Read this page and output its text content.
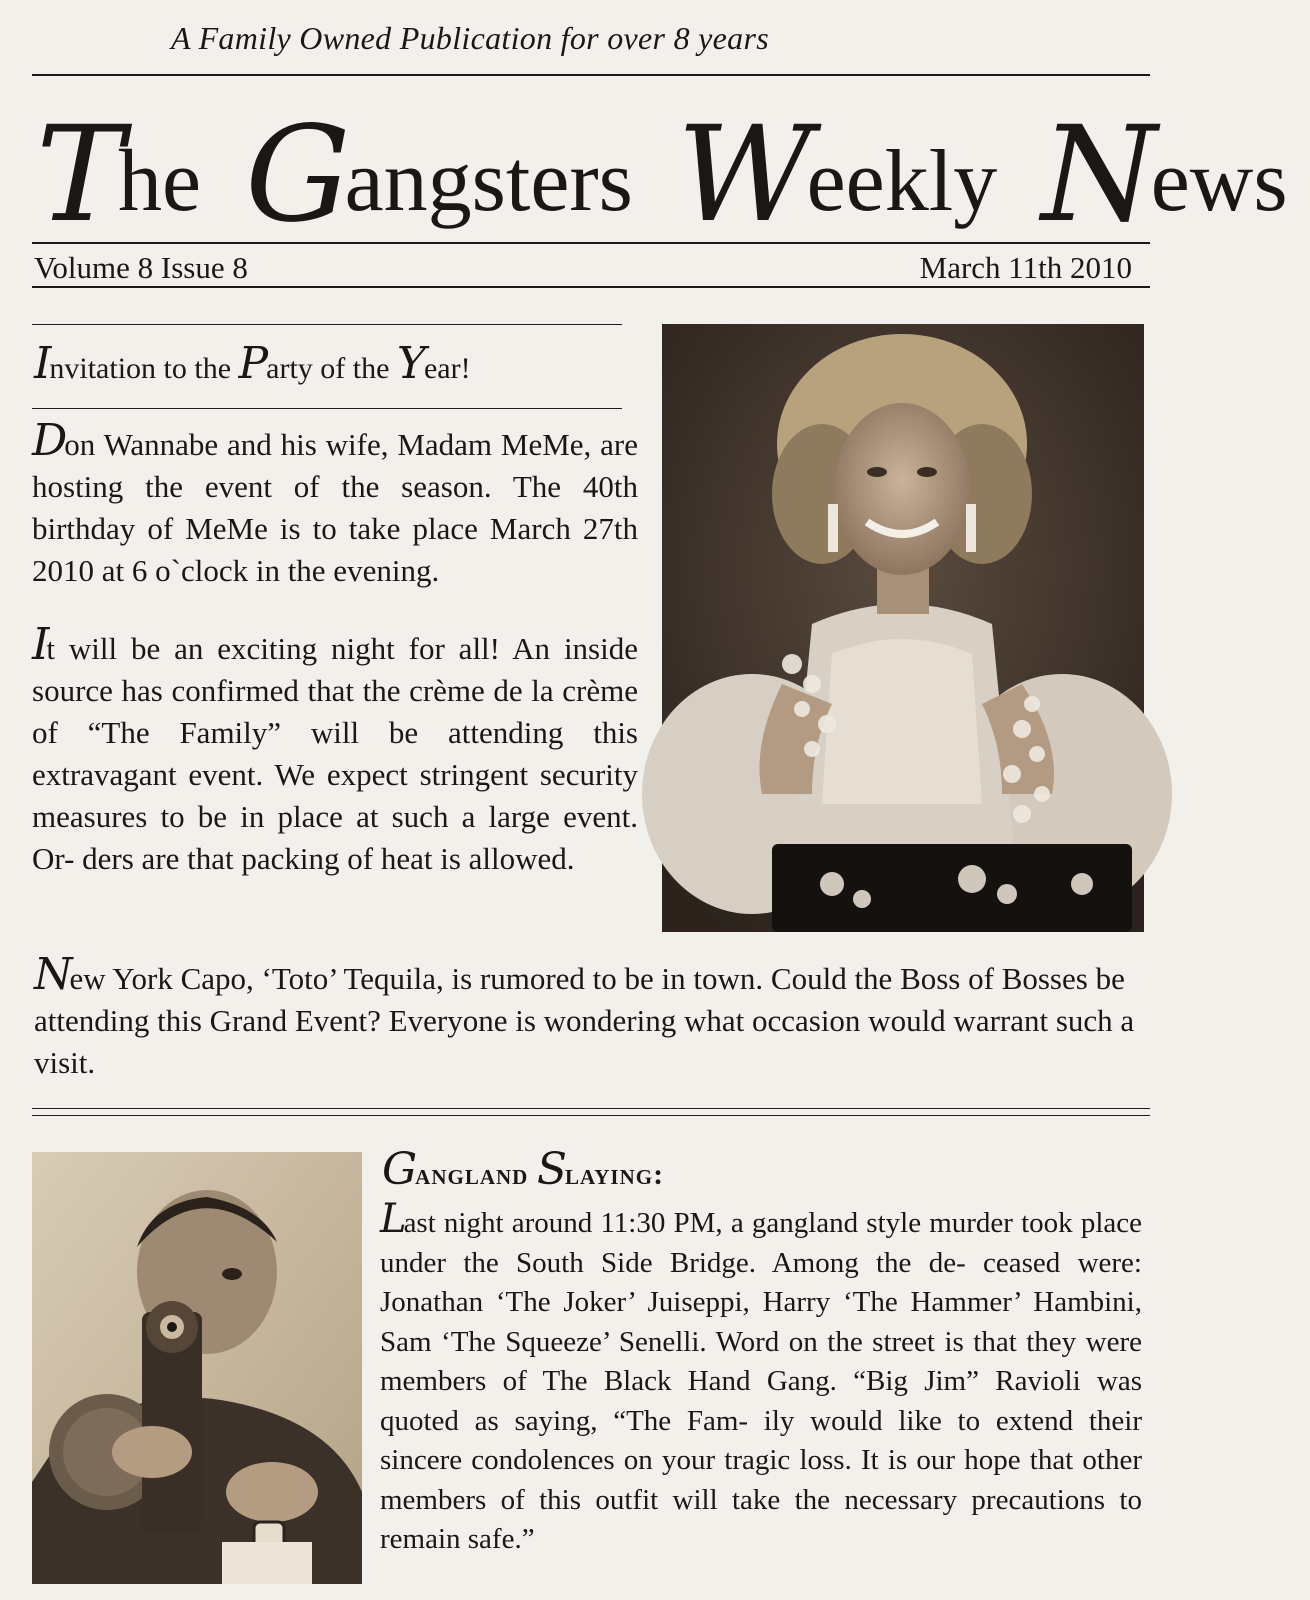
A Family Owned Publication for over 8 years
The Gangsters Weekly News
Volume 8 Issue 8	March 11th 2010
Invitation to the Party of the Year!
Don Wannabe and his wife, Madam MeMe, are hosting the event of the season. The 40th birthday of MeMe is to take place March 27th 2010 at 6 o`clock in the evening.
It will be an exciting night for all! An inside source has confirmed that the crème de la crème of “The Family” will be attending this extravagant event. We expect stringent security measures to be in place at such a large event. Or- ders are that packing of heat is allowed.
New York Capo, ‘Toto’ Tequila, is rumored to be in town. Could the Boss of Bosses be attending this Grand Event? Everyone is wondering what occasion would warrant such a visit.
Gangland Slaying:
Last night around 11:30 PM, a gangland style murder took place under the South Side Bridge. Among the de- ceased were: Jonathan ‘The Joker’ Juiseppi, Harry ‘The Hammer’ Hambini, Sam ‘The Squeeze’ Senelli. Word on the street is that they were members of The Black Hand Gang. “Big Jim” Ravioli was quoted as saying, “The Fam- ily would like to extend their sincere condolences on your tragic loss. It is our hope that other members of this outfit will take the necessary precautions to remain safe.”
